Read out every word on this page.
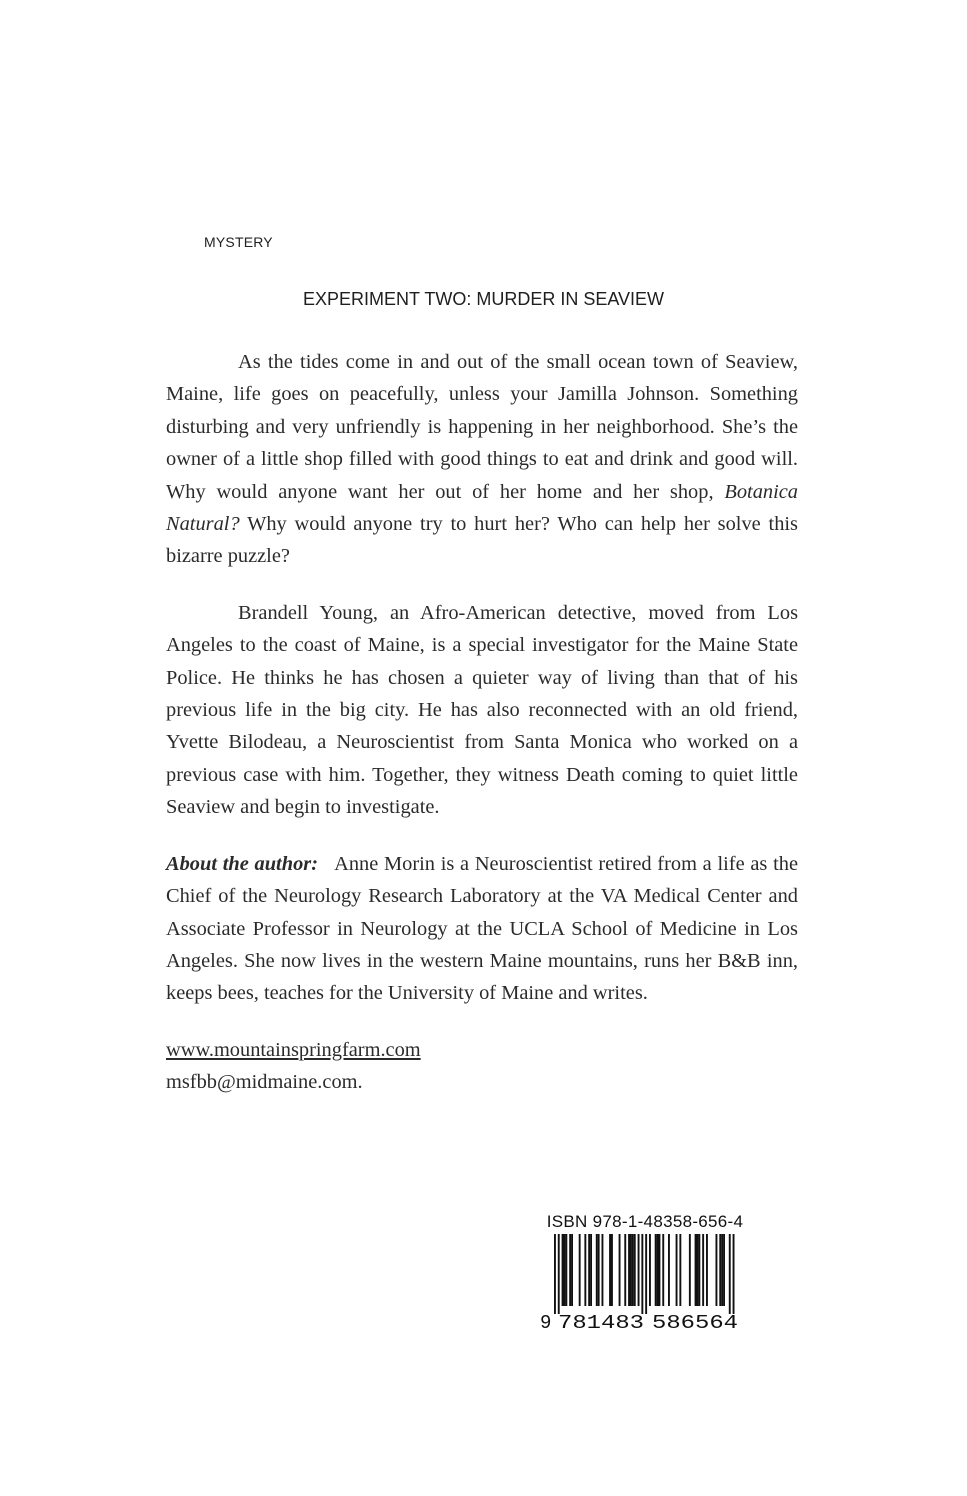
MYSTERY
EXPERIMENT TWO: MURDER IN SEAVIEW

As the tides come in and out of the small ocean town of Seaview, Maine, life goes on peacefully, unless your Jamilla Johnson. Something disturbing and very unfriendly is happening in her neighborhood. She’s the owner of a little shop filled with good things to eat and drink and good will. Why would anyone want her out of her home and her shop, Botanica Natural? Why would anyone try to hurt her? Who can help her solve this bizarre puzzle?

Brandell Young, an Afro-American detective, moved from Los Angeles to the coast of Maine, is a special investigator for the Maine State Police. He thinks he has chosen a quieter way of living than that of his previous life in the big city. He has also reconnected with an old friend, Yvette Bilodeau, a Neuroscientist from Santa Monica who worked on a previous case with him. Together, they witness Death coming to quiet little Seaview and begin to investigate.

About the author: Anne Morin is a Neuroscientist retired from a life as the Chief of the Neurology Research Laboratory at the VA Medical Center and Associate Professor in Neurology at the UCLA School of Medicine in Los Angeles. She now lives in the western Maine mountains, runs her B&B inn, keeps bees, teaches for the University of Maine and writes.

www.mountainspringfarm.com
msfbb@midmaine.com.
ISBN 978-1-48358-656-4
9 781483 586564
